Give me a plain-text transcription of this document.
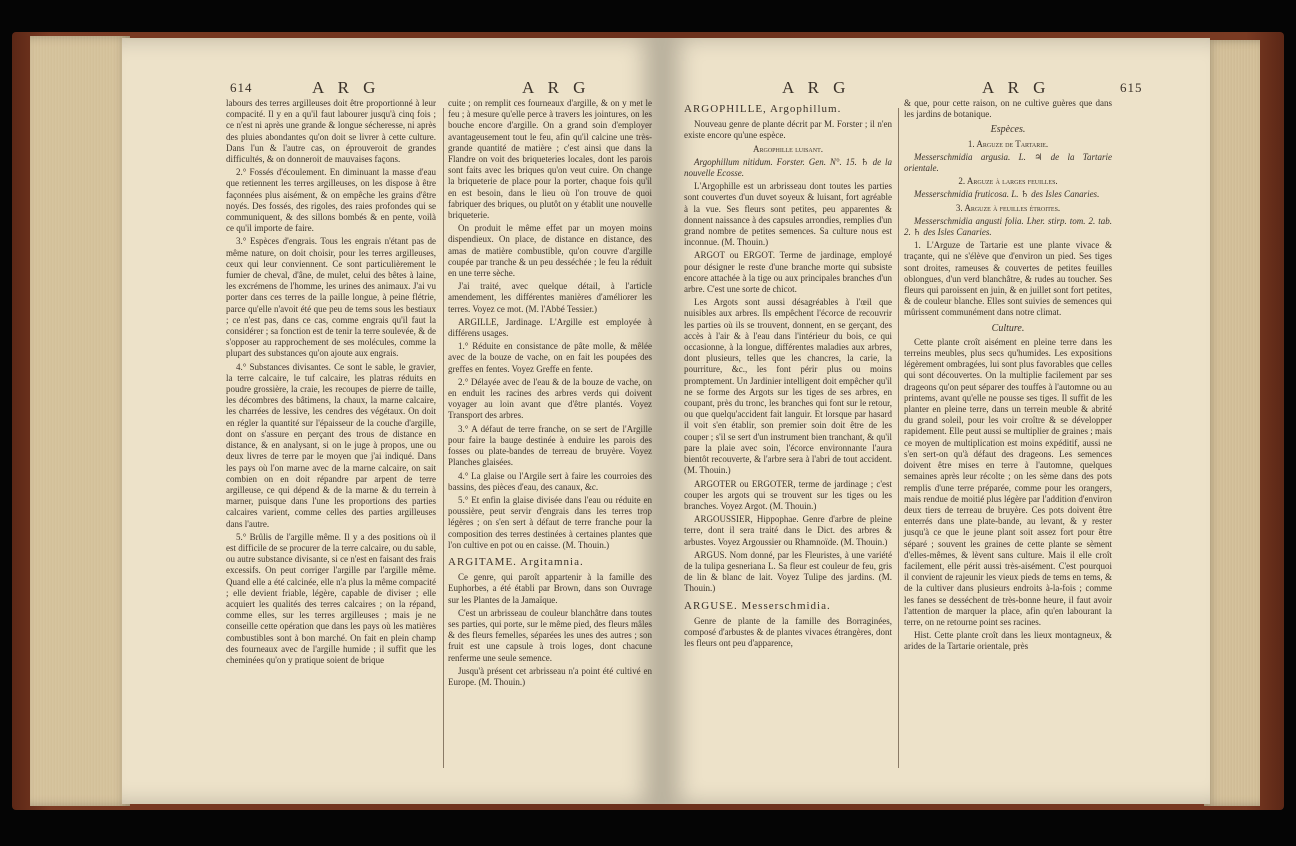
614	A R G	A R G

labours des terres argilleuses doit être proportionné à leur compacité. Il y en a qu'il faut labourer jusqu'à cinq fois ; ce n'est ni après une grande & longue sécheresse, ni après des pluies abondantes qu'on doit se livrer à cette culture. Dans l'un & l'autre cas, on éprouveroit de grandes difficultés, & on donneroit de mauvaises façons.

2.° Fossés d'écoulement. En diminuant la masse d'eau que retiennent les terres argilleuses, on les dispose à être façonnées plus aisément, & on empêche les grains d'être noyés. Des fossés, des rigoles, des raies profondes qui se communiquent, & des sillons bombés & en pente, voilà ce qu'il importe de faire.

3.° Espèces d'engrais. Tous les engrais n'étant pas de même nature, on doit choisir, pour les terres argilleuses, ceux qui leur conviennent. Ce sont particulièrement le fumier de cheval, d'âne, de mulet, celui des bêtes à laine, les excrémens de l'homme, les urines des animaux. J'ai vu porter dans ces terres de la paille longue, à peine flétrie, parce qu'elle n'avoit été que peu de tems sous les bestiaux ; ce n'est pas, dans ce cas, comme engrais qu'il faut la considérer ; sa fonction est de tenir la terre soulevée, & de s'opposer au rapprochement de ses molécules, comme la plupart des substances qu'on ajoute aux engrais.

4.° Substances divisantes. Ce sont le sable, le gravier, la terre calcaire, le tuf calcaire, les platras réduits en poudre grossière, la craie, les recoupes de pierre de taille, les décombres des bâtimens, la chaux, la marne calcaire, les charrées de lessive, les cendres des végétaux. On doit en régler la quantité sur l'épaisseur de la couche d'argille, dont on s'assure en perçant des trous de distance en distance, & en analysant, si on le juge à propos, une ou deux livres de terre par le moyen que j'ai indiqué. Dans les pays où l'on marne avec de la marne calcaire, on sait combien on en doit répandre par arpent de terre argilleuse, ce qui dépend & de la marne & du terrein à marner, puisque dans l'une les proportions des parties calcaires varient, comme celles des parties argilleuses dans l'autre.

5.° Brûlis de l'argille même. Il y a des positions où il est difficile de se procurer de la terre calcaire, ou du sable, ou autre substance divisante, si ce n'est en faisant des frais excessifs. On peut corriger l'argille par l'argille même. Quand elle a été calcinée, elle n'a plus la même compacité ; elle devient friable, légère, capable de diviser ; elle acquiert les qualités des terres calcaires ; on la répand, comme elles, sur les terres argilleuses ; mais je ne conseille cette opération que dans les pays où les matières combustibles sont à bon marché. On fait en plein champ des fourneaux avec de l'argille humide ; il suffit que les cheminées qu'on y pratique soient de brique

cuite ; on remplit ces fourneaux d'argille, & on y met le feu ; à mesure qu'elle perce à travers les jointures, on les bouche encore d'argille. On a grand soin d'employer avantageusement tout le feu, afin qu'il calcine une très-grande quantité de matière ; c'est ainsi que dans la Flandre on voit des briqueteries locales, dont les parois sont faits avec les briques qu'on veut cuire. On change la briqueterie de place pour la porter, chaque fois qu'il en est besoin, dans le lieu où l'on trouve de quoi fabriquer des briques, ou plutôt on y établit une nouvelle briqueterie.

On produit le même effet par un moyen moins dispendieux. On place, de distance en distance, des amas de matière combustible, qu'on couvre d'argille coupée par tranche & un peu desséchée ; le feu la réduit en une terre sèche.

J'ai traité, avec quelque détail, à l'article amendement, les différentes manières d'améliorer les terres. Voyez ce mot. (M. l'Abbé Tessier.)

ARGILLE, Jardinage. L'Argille est employée à différens usages.

1.° Réduite en consistance de pâte molle, & mêlée avec de la bouze de vache, on en fait les poupées des greffes en fentes. Voyez Greffe en fente.

2.° Délayée avec de l'eau & de la bouze de vache, on en enduit les racines des arbres verds qui doivent voyager au loin avant que d'être plantés. Voyez Transport des arbres.

3.° A défaut de terre franche, on se sert de l'Argille pour faire la bauge destinée à enduire les parois des fosses ou plate-bandes de terreau de bruyère. Voyez Planches glaisées.

4.° La glaise ou l'Argile sert à faire les courroies des bassins, des pièces d'eau, des canaux, &c.

5.° Et enfin la glaise divisée dans l'eau ou réduite en poussière, peut servir d'engrais dans les terres trop légères ; on s'en sert à défaut de terre franche pour la composition des terres destinées à certaines plantes que l'on cultive en pot ou en caisse. (M. Thouin.)

ARGITAME. Argitamnia.

Ce genre, qui paroît appartenir à la famille des Euphorbes, a été établi par Brown, dans son Ouvrage sur les Plantes de la Jamaïque.

C'est un arbrisseau de couleur blanchâtre dans toutes ses parties, qui porte, sur le même pied, des fleurs mâles & des fleurs femelles, séparées les unes des autres ; son fruit est une capsule à trois loges, dont chacune renferme une seule semence.

Jusqu'à présent cet arbrisseau n'a point été cultivé en Europe. (M. Thouin.)

A R G	A R G	615
ARGOPHILLE, Argophillum.

Nouveau genre de plante décrit par M. Forster ; il n'en existe encore qu'une espèce.

Argophille luisant.

Argophillum nitidum. Forster. Gen. N°. 15. ♄ de la nouvelle Ecosse.

L'Argophille est un arbrisseau dont toutes les parties sont couvertes d'un duvet soyeux & luisant, fort agréable à la vue. Ses fleurs sont petites, peu apparentes & donnent naissance à des capsules arrondies, remplies d'un grand nombre de petites semences. Sa culture nous est inconnue. (M. Thouin.)

ARGOT ou ERGOT. Terme de jardinage, employé pour désigner le reste d'une branche morte qui subsiste encore attachée à la tige ou aux principales branches d'un arbre. C'est une sorte de chicot.

Les Argots sont aussi désagréables à l'œil que nuisibles aux arbres. Ils empêchent l'écorce de recouvrir les parties où ils se trouvent, donnent, en se gerçant, des accès à l'air & à l'eau dans l'intérieur du bois, ce qui occasionne, à la longue, différentes maladies aux arbres, dont plusieurs, telles que les chancres, la carie, la pourriture, &c., les font périr plus ou moins promptement. Un Jardinier intelligent doit empêcher qu'il ne se forme des Argots sur les tiges de ses arbres, en coupant, près du tronc, les branches qui font sur le retour, ou que quelqu'accident fait languir. Et lorsque par hasard il voit s'en établir, son premier soin doit être de les couper ; s'il se sert d'un instrument bien tranchant, & qu'il pare la plaie avec soin, l'écorce environnante l'aura bientôt recouverte, & l'arbre sera à l'abri de tout accident. (M. Thouin.)

ARGOTER ou ERGOTER, terme de jardinage ; c'est couper les argots qui se trouvent sur les tiges ou les branches. Voyez Argot. (M. Thouin.)

ARGOUSSIER, Hippophae. Genre d'arbre de pleine terre, dont il sera traité dans le Dict. des arbres & arbustes. Voyez Argoussier ou Rhamnoïde. (M. Thouin.)

ARGUS. Nom donné, par les Fleuristes, à une variété de la tulipa gesneriana L. Sa fleur est couleur de feu, gris de lin & blanc de lait. Voyez Tulipe des jardins. (M. Thouin.)

ARGUSE. Messerschmidia.

Genre de plante de la famille des Borraginées, composé d'arbustes & de plantes vivaces étrangères, dont les fleurs ont peu d'apparence,

& que, pour cette raison, on ne cultive guères que dans les jardins de botanique.

Espèces.

1. Arguze de Tartarie.

Messerschmidia argusia. L. ♃ de la Tartarie orientale.

2. Arguze à larges feuilles.

Messerschmidia fruticosa. L. ♄ des Isles Canaries.

3. Arguze à feuilles étroites.

Messerschmidia angusti folia. Lher. stirp. tom. 2. tab. 2. ♄ des Isles Canaries.

1. L'Arguze de Tartarie est une plante vivace & traçante, qui ne s'élève que d'environ un pied. Ses tiges sont droites, rameuses & couvertes de petites feuilles oblongues, d'un verd blanchâtre, & rudes au toucher. Ses fleurs qui paroissent en juin, & en juillet sont fort petites, & de couleur blanche. Elles sont suivies de semences qui mûrissent communément dans notre climat.

Culture.

Cette plante croît aisément en pleine terre dans les terreins meubles, plus secs qu'humides. Les expositions légèrement ombragées, lui sont plus favorables que celles qui sont découvertes. On la multiplie facilement par ses drageons qu'on peut séparer des touffes à l'automne ou au printems, avant qu'elle ne pousse ses tiges. Il suffit de les planter en pleine terre, dans un terrein meuble & abrité du grand soleil, pour les voir croître & se développer rapidement. Elle peut aussi se multiplier de graines ; mais ce moyen de multiplication est moins expéditif, aussi ne s'en sert-on qu'à défaut des drageons. Les semences doivent être mises en terre à l'automne, quelques semaines après leur récolte ; on les sème dans des pots remplis d'une terre préparée, comme pour les orangers, mais rendue de moitié plus légère par l'addition d'environ deux tiers de terreau de bruyère. Ces pots doivent être enterrés dans une plate-bande, au levant, & y rester jusqu'à ce que le jeune plant soit assez fort pour être séparé ; souvent les graines de cette plante se sèment d'elles-mêmes, & lèvent sans culture. Mais il elle croît facilement, elle périt aussi très-aisément. C'est pourquoi il convient de rajeunir les vieux pieds de tems en tems, & de la cultiver dans plusieurs endroits à-la-fois ; comme les fanes se desséchent de très-bonne heure, il faut avoir l'attention de marquer la place, afin qu'en labourant la terre, on ne retourne point ses racines.

Hist. Cette plante croît dans les lieux montagneux, & arides de la Tartarie orientale, près
